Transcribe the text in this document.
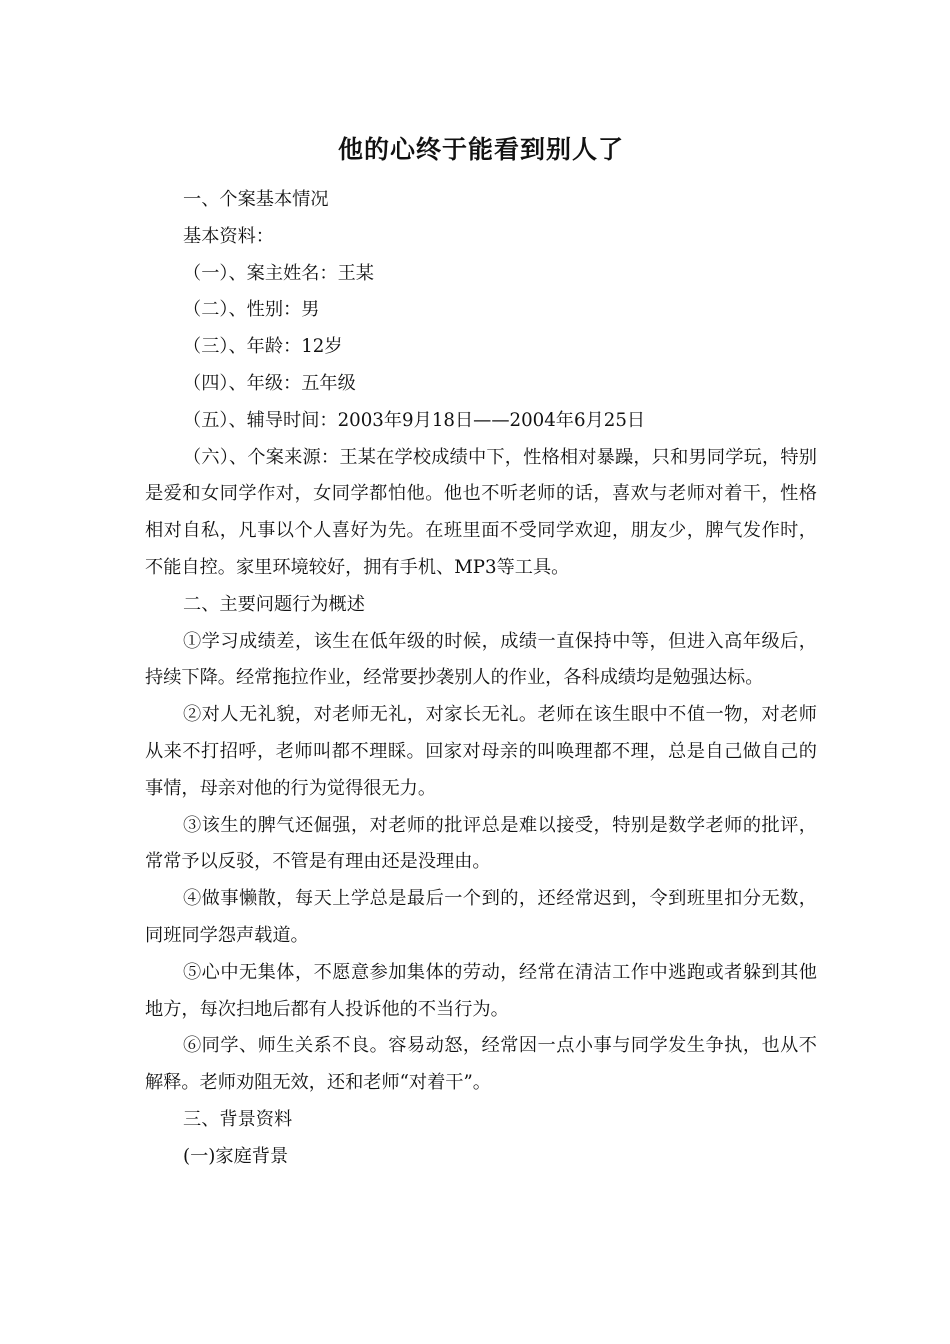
他的心终于能看到别人了

一、个案基本情况

基本资料：

（一）、案主姓名：王某

（二）、性别：男

（三）、年龄：12岁

（四）、年级：五年级

（五）、辅导时间：2003年9月18日——2004年6月25日

（六）、个案来源：王某在学校成绩中下，性格相对暴躁，只和男同学玩，特别是爱和女同学作对，女同学都怕他。他也不听老师的话，喜欢与老师对着干，性格相对自私，凡事以个人喜好为先。在班里面不受同学欢迎，朋友少，脾气发作时，不能自控。家里环境较好，拥有手机、MP3等工具。

二、主要问题行为概述

①学习成绩差，该生在低年级的时候，成绩一直保持中等，但进入高年级后，持续下降。经常拖拉作业，经常要抄袭别人的作业，各科成绩均是勉强达标。

②对人无礼貌，对老师无礼，对家长无礼。老师在该生眼中不值一物，对老师从来不打招呼，老师叫都不理睬。回家对母亲的叫唤理都不理，总是自己做自己的事情，母亲对他的行为觉得很无力。

③该生的脾气还倔强，对老师的批评总是难以接受，特别是数学老师的批评，常常予以反驳，不管是有理由还是没理由。

④做事懒散，每天上学总是最后一个到的，还经常迟到，令到班里扣分无数，同班同学怨声载道。

⑤心中无集体，不愿意参加集体的劳动，经常在清洁工作中逃跑或者躲到其他地方，每次扫地后都有人投诉他的不当行为。

⑥同学、师生关系不良。容易动怒，经常因一点小事与同学发生争执，也从不解释。老师劝阻无效，还和老师“对着干”。

三、背景资料

(一)家庭背景
